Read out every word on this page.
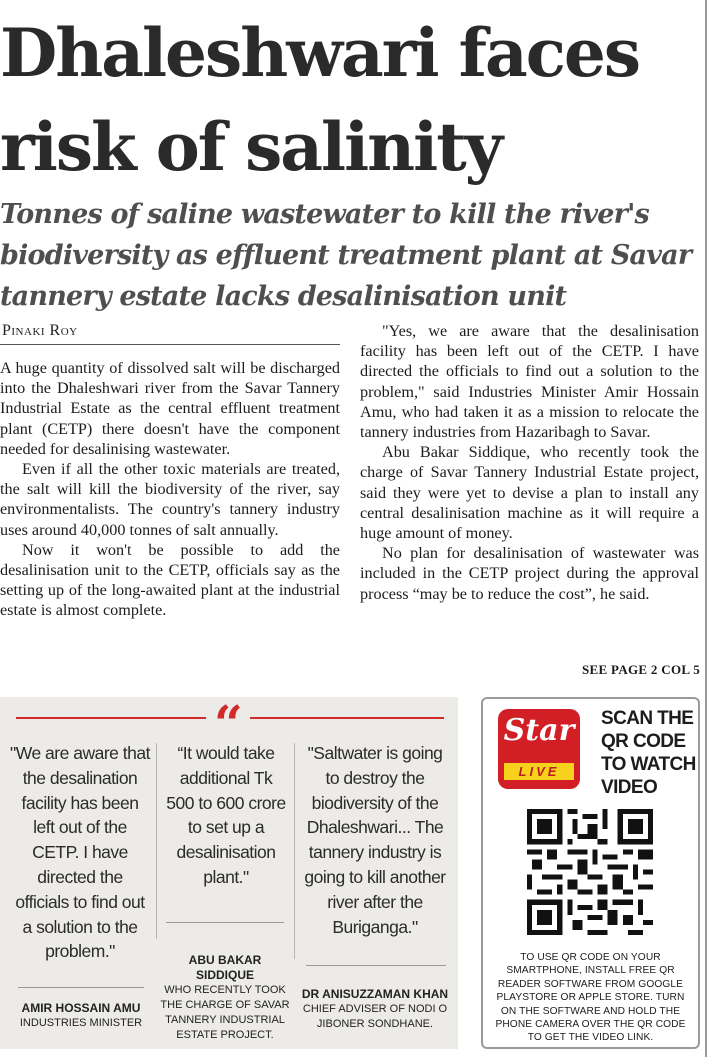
Dhaleshwari faces risk of salinity
Tonnes of saline wastewater to kill the river's biodiversity as effluent treatment plant at Savar tannery estate lacks desalinisation unit
Pinaki Roy

A huge quantity of dissolved salt will be discharged into the Dhaleshwari river from the Savar Tannery Industrial Estate as the central effluent treatment plant (CETP) there doesn't have the component needed for desalinising wastewater.

Even if all the other toxic materials are treated, the salt will kill the biodiversity of the river, say environmentalists. The country's tannery industry uses around 40,000 tonnes of salt annually.

Now it won't be possible to add the desalinisation unit to the CETP, officials say as the setting up of the long-awaited plant at the industrial estate is almost complete.

"Yes, we are aware that the desalinisation facility has been left out of the CETP. I have directed the officials to find out a solution to the problem," said Industries Minister Amir Hossain Amu, who had taken it as a mission to relocate the tannery industries from Hazaribagh to Savar.

Abu Bakar Siddique, who recently took the charge of Savar Tannery Industrial Estate project, said they were yet to devise a plan to install any central desalinisation machine as it will require a huge amount of money.

No plan for desalinisation of wastewater was included in the CETP project during the approval process “may be to reduce the cost”, he said.

SEE PAGE 2 COL 5
“
"We are aware that the desalination facility has been left out of the CETP. I have directed the officials to find out a solution to the problem."
“It would take additional Tk 500 to 600 crore to set up a desalinisation plant."
"Saltwater is going to destroy the biodiversity of the Dhaleshwari... The tannery industry is going to kill another river after the Buriganga."
AMIR HOSSAIN AMU
INDUSTRIES MINISTER
ABU BAKAR SIDDIQUE
WHO RECENTLY TOOK THE CHARGE OF SAVAR TANNERY INDUSTRIAL ESTATE PROJECT.
DR ANISUZZAMAN KHAN
CHIEF ADVISER OF NODI O JIBONER SONDHANE.
Star
LIVE
SCAN THE QR CODE TO WATCH VIDEO
TO USE QR CODE ON YOUR SMARTPHONE, INSTALL FREE QR READER SOFTWARE FROM GOOGLE PLAYSTORE OR APPLE STORE. TURN ON THE SOFTWARE AND HOLD THE PHONE CAMERA OVER THE QR CODE TO GET THE VIDEO LINK.
